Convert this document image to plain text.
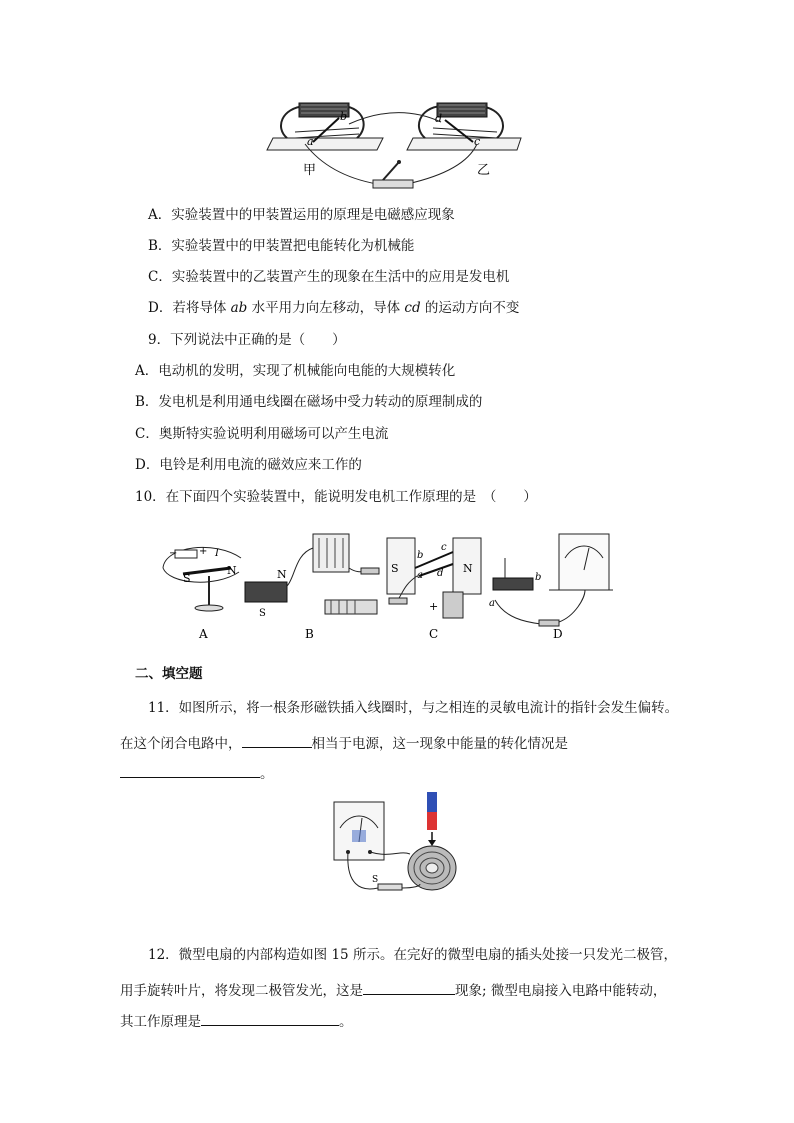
a
b	d
c
甲	乙
A．实验装置中的甲装置运用的原理是电磁感应现象
B．实验装置中的甲装置把电能转化为机械能
C．实验装置中的乙装置产生的现象在生活中的应用是发电机
D．若将导体 ab 水平用力向左移动，导体 cd 的运动方向不变
9．下列说法中正确的是（　　）
A．电动机的发明，实现了机械能向电能的大规模转化
B．发电机是利用通电线圈在磁场中受力转动的原理制成的
C．奥斯特实验说明利用磁场可以产生电流
D．电铃是利用电流的磁效应来工作的
10．在下面四个实验装置中，能说明发电机工作原理的是　（　　）
− + I
S
N	N
S
S	N
b
a
c
d
+
b
a
A	B	C	D
二、填空题
11．如图所示，将一根条形磁铁插入线圈时，与之相连的灵敏电流计的指针会发生偏转。
在这个闭合电路中，	相当于电源，这一现象中能量的转化情况是
。
S
12．微型电扇的内部构造如图 15 所示。在完好的微型电扇的插头处接一只发光二极管，
用手旋转叶片，将发现二极管发光，这是	现象; 微型电扇接入电路中能转动，
其工作原理是	。
